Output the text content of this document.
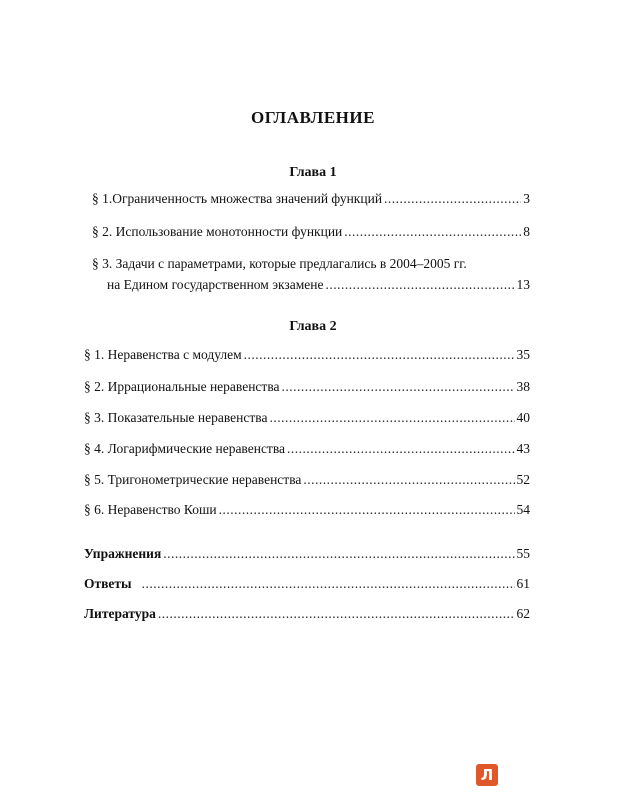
ОГЛАВЛЕНИЕ
Глава 1
§ 1.Ограниченность множества значений функций .....	3
§ 2. Использование монотонности функции .....	8
§ 3. Задачи с параметрами, которые предлагались в 2004–2005 гг.
на Едином государственном экзамене .....	13
Глава 2
§ 1. Неравенства с модулем .....	35
§ 2. Иррациональные неравенства .....	38
§ 3. Показательные неравенства .....	40
§ 4. Логарифмические неравенства .....	43
§ 5. Тригонометрические неравенства .....	52
§ 6. Неравенство Коши .....	54
Упражнения .....	55
Ответы .....	61
Литература .....	62
Л
